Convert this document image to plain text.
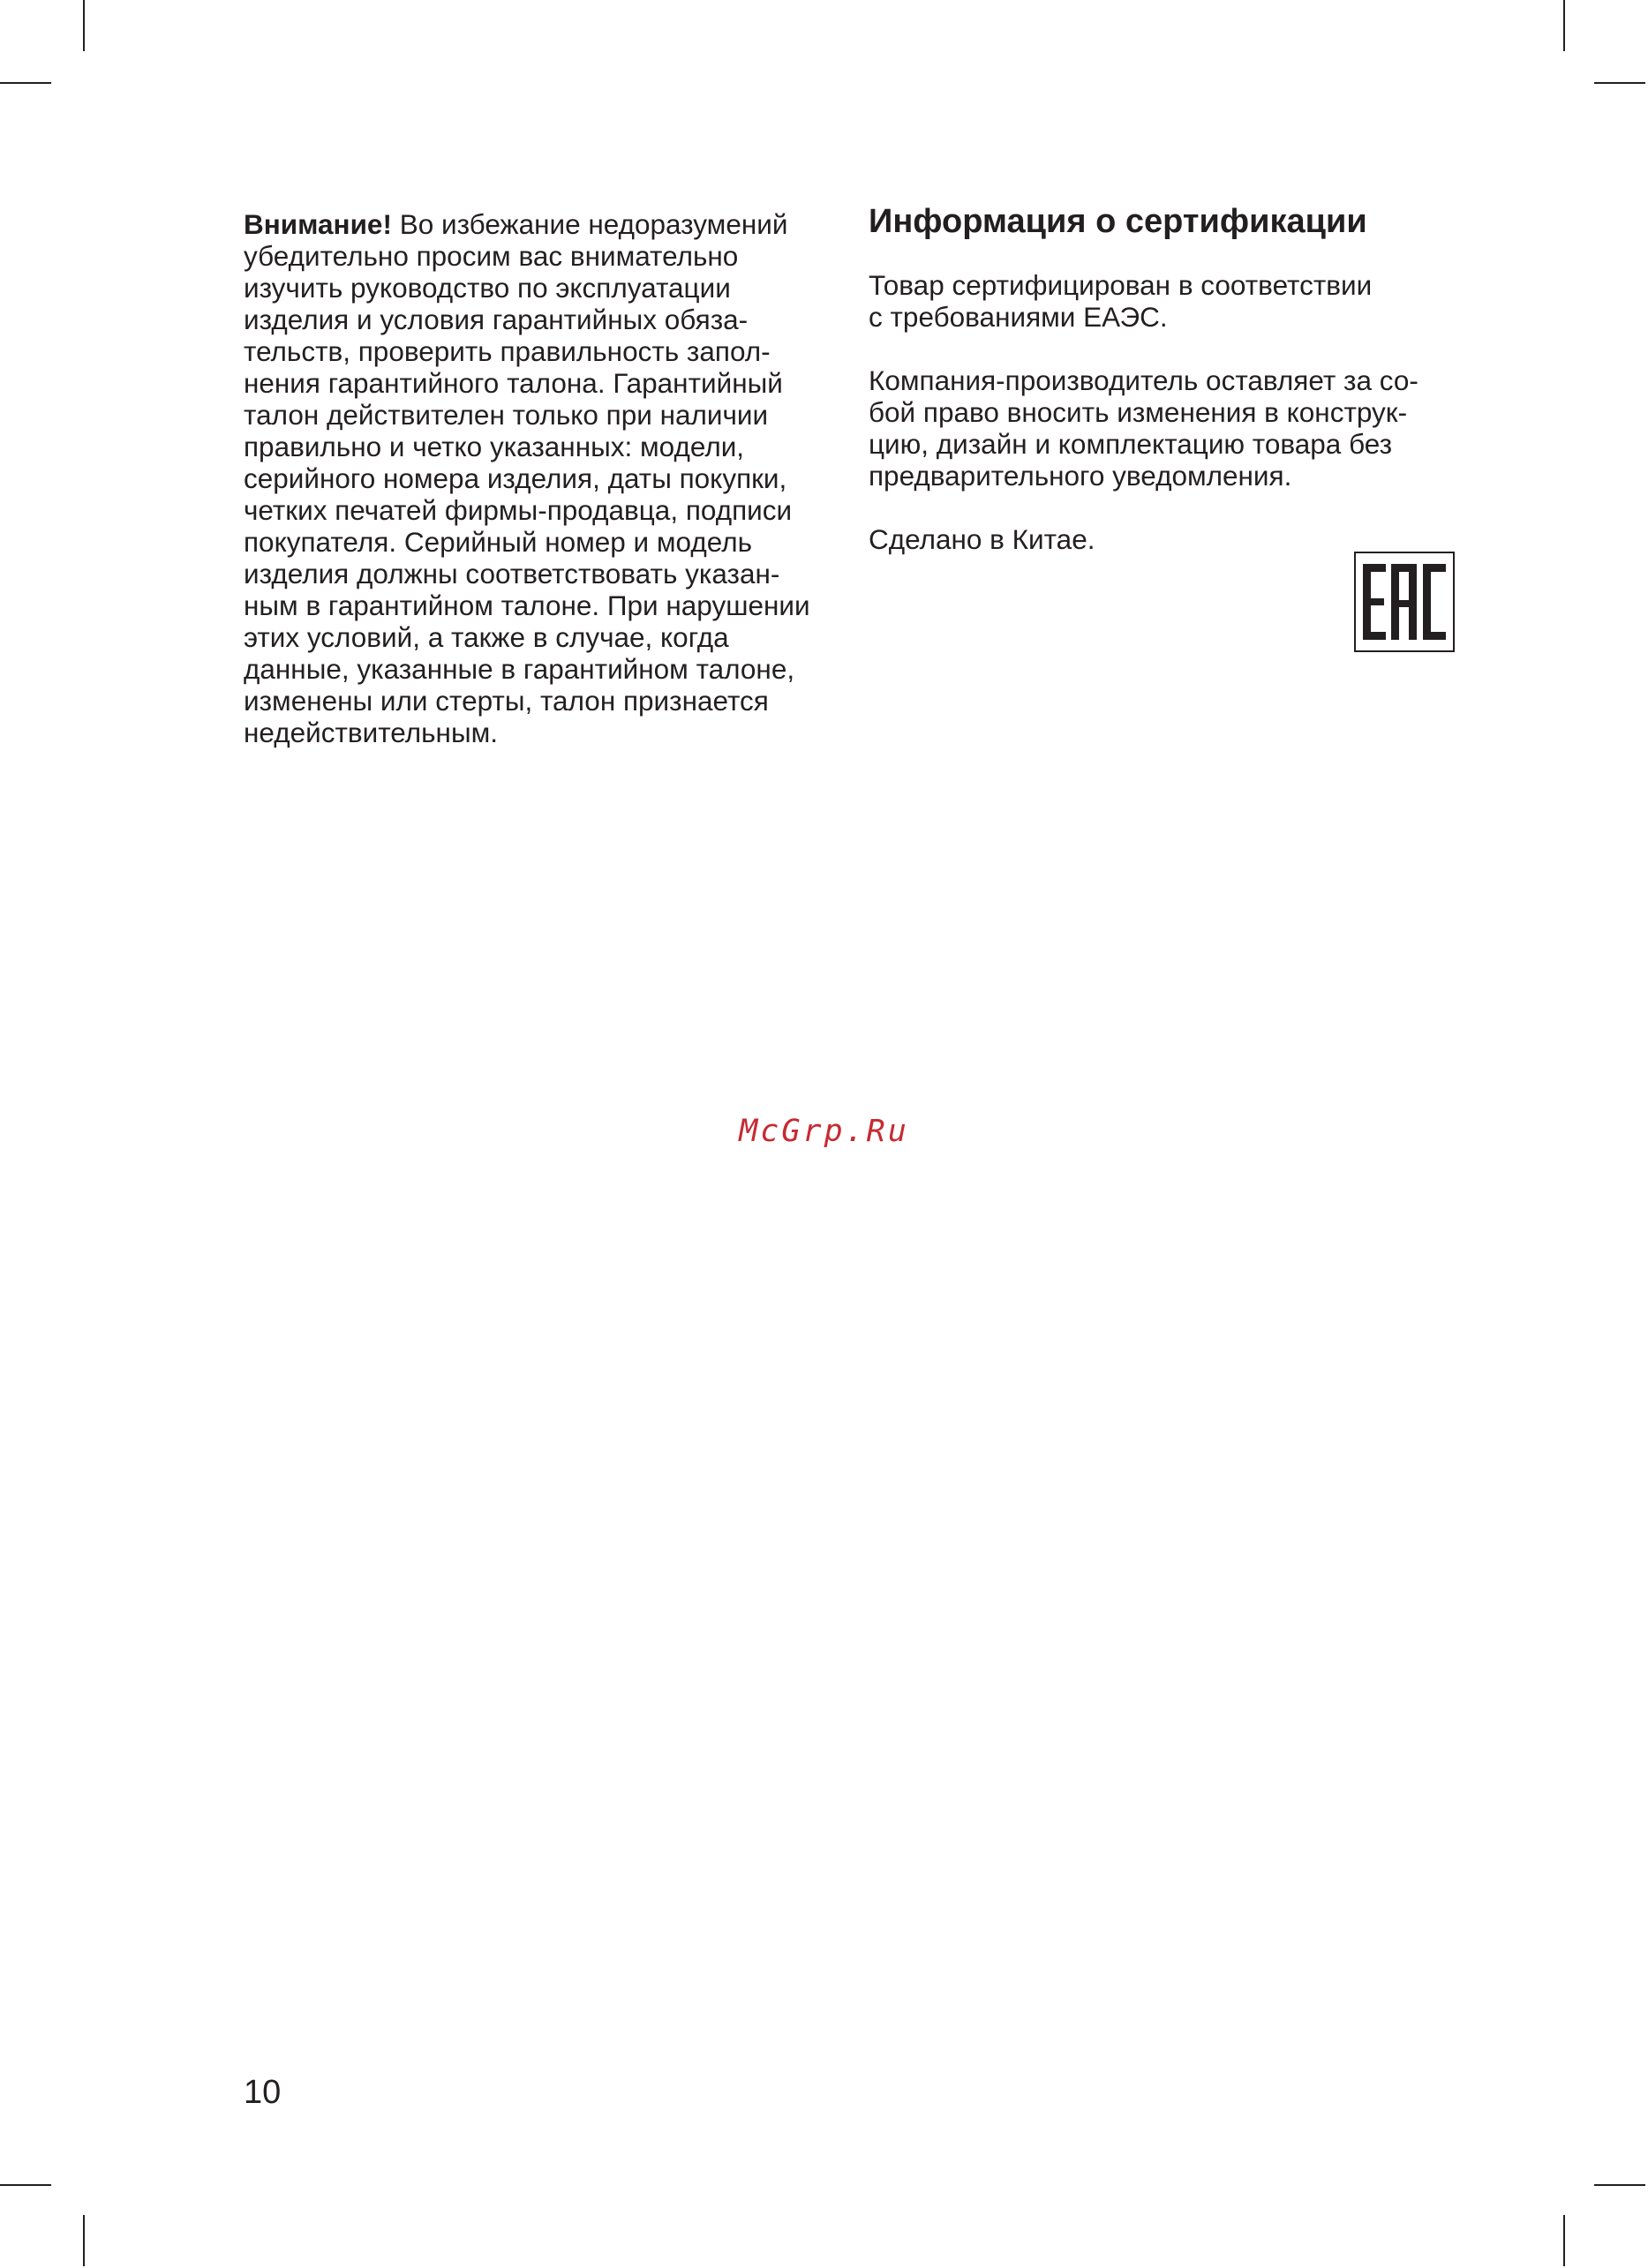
Внимание! Во избежание недоразумений
убедительно просим вас внимательно
изучить руководство по эксплуатации
изделия и условия гарантийных обяза-
тельств, проверить правильность запол-
нения гарантийного талона. Гарантийный
талон действителен только при наличии
правильно и четко указанных: модели,
серийного номера изделия, даты покупки,
четких печатей фирмы-продавца, подписи
покупателя. Серийный номер и модель
изделия должны соответствовать указан-
ным в гарантийном талоне. При нарушении
этих условий, а также в случае, когда
данные, указанные в гарантийном талоне,
изменены или стерты, талон признается
недействительным.

Информация о сертификации

Товар сертифицирован в соответствии
с требованиями ЕАЭС.

Компания-производитель оставляет за со-
бой право вносить изменения в конструк-
цию, дизайн и комплектацию товара без
предварительного уведомления.

Сделано в Китае.

McGrp.Ru
10
